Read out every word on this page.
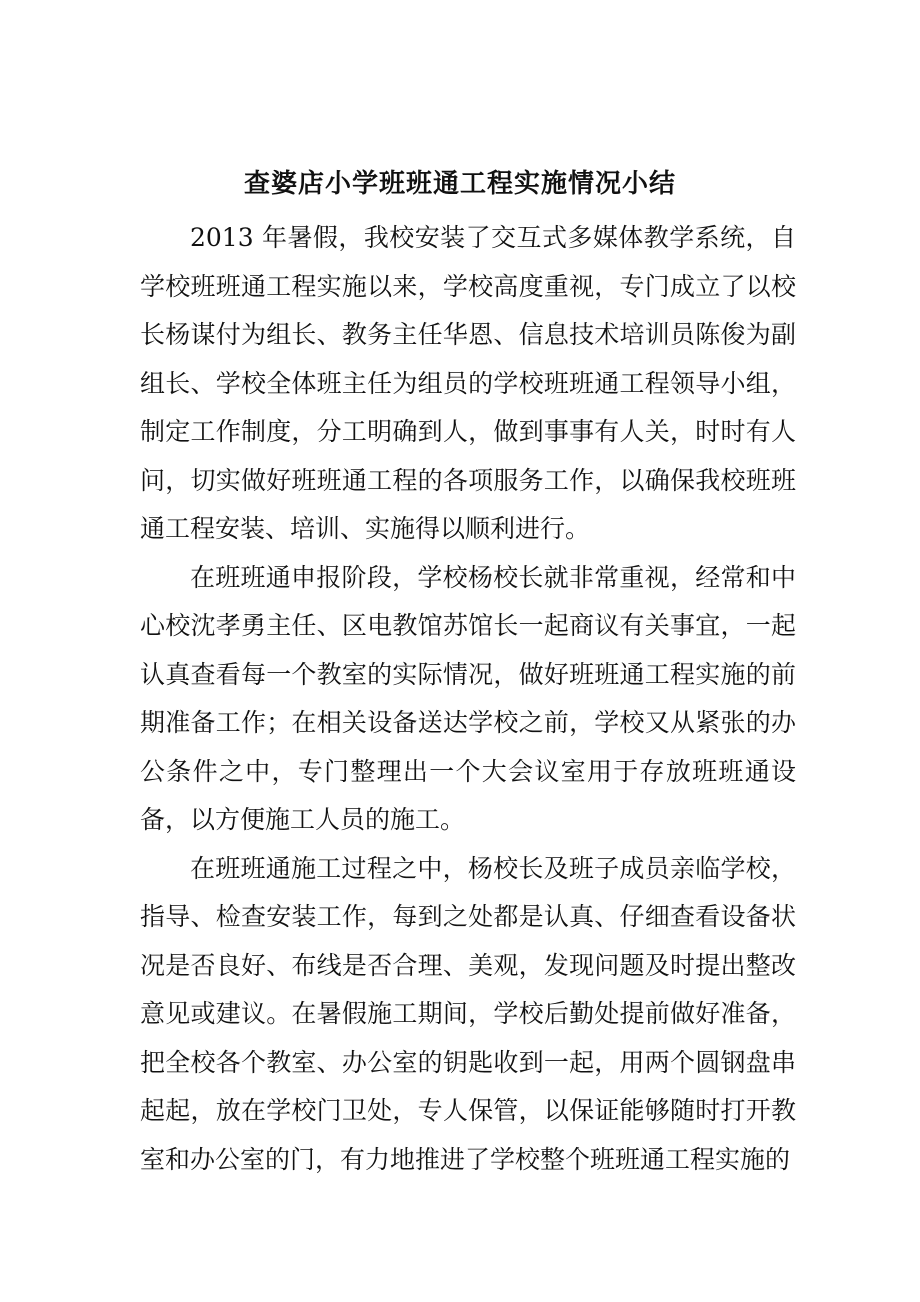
查婆店小学班班通工程实施情况小结

2013 年暑假，我校安装了交互式多媒体教学系统，自学校班班通工程实施以来，学校高度重视，专门成立了以校长杨谋付为组长、教务主任华恩、信息技术培训员陈俊为副组长、学校全体班主任为组员的学校班班通工程领导小组，制定工作制度，分工明确到人，做到事事有人关，时时有人问，切实做好班班通工程的各项服务工作，以确保我校班班通工程安装、培训、实施得以顺利进行。

在班班通申报阶段，学校杨校长就非常重视，经常和中心校沈孝勇主任、区电教馆苏馆长一起商议有关事宜，一起认真查看每一个教室的实际情况，做好班班通工程实施的前期准备工作；在相关设备送达学校之前，学校又从紧张的办公条件之中，专门整理出一个大会议室用于存放班班通设备，以方便施工人员的施工。

在班班通施工过程之中，杨校长及班子成员亲临学校，指导、检查安装工作，每到之处都是认真、仔细查看设备状况是否良好、布线是否合理、美观，发现问题及时提出整改意见或建议。在暑假施工期间，学校后勤处提前做好准备，把全校各个教室、办公室的钥匙收到一起，用两个圆钢盘串起起，放在学校门卫处，专人保管，以保证能够随时打开教室和办公室的门，有力地推进了学校整个班班通工程实施的
